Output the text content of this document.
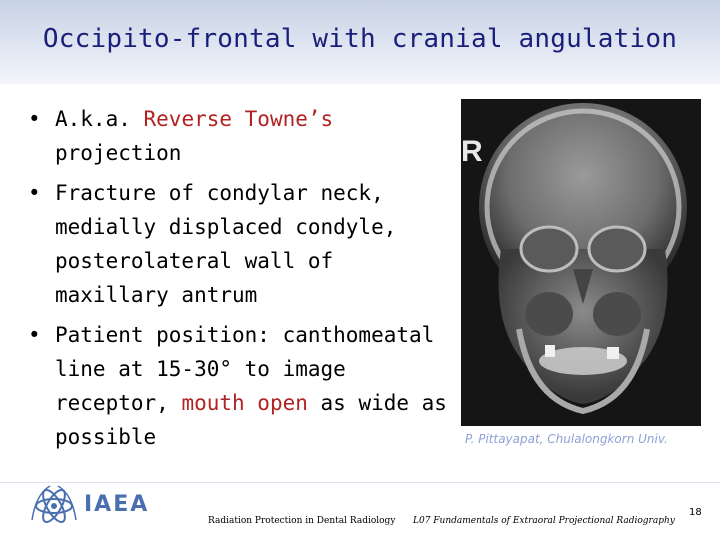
Occipito-frontal with cranial angulation
• A.k.a. Reverse Towne’s projection
• Fracture of condylar neck, medially displaced condyle, posterolateral wall of maxillary antrum
• Patient position: canthomeatal line at 15-30° to image receptor, mouth open as wide as possible
R
P. Pittayapat, Chulalongkorn Univ.
IAEA
Radiation Protection in Dental Radiology L07 Fundamentals of Extraoral Projectional Radiography
18
